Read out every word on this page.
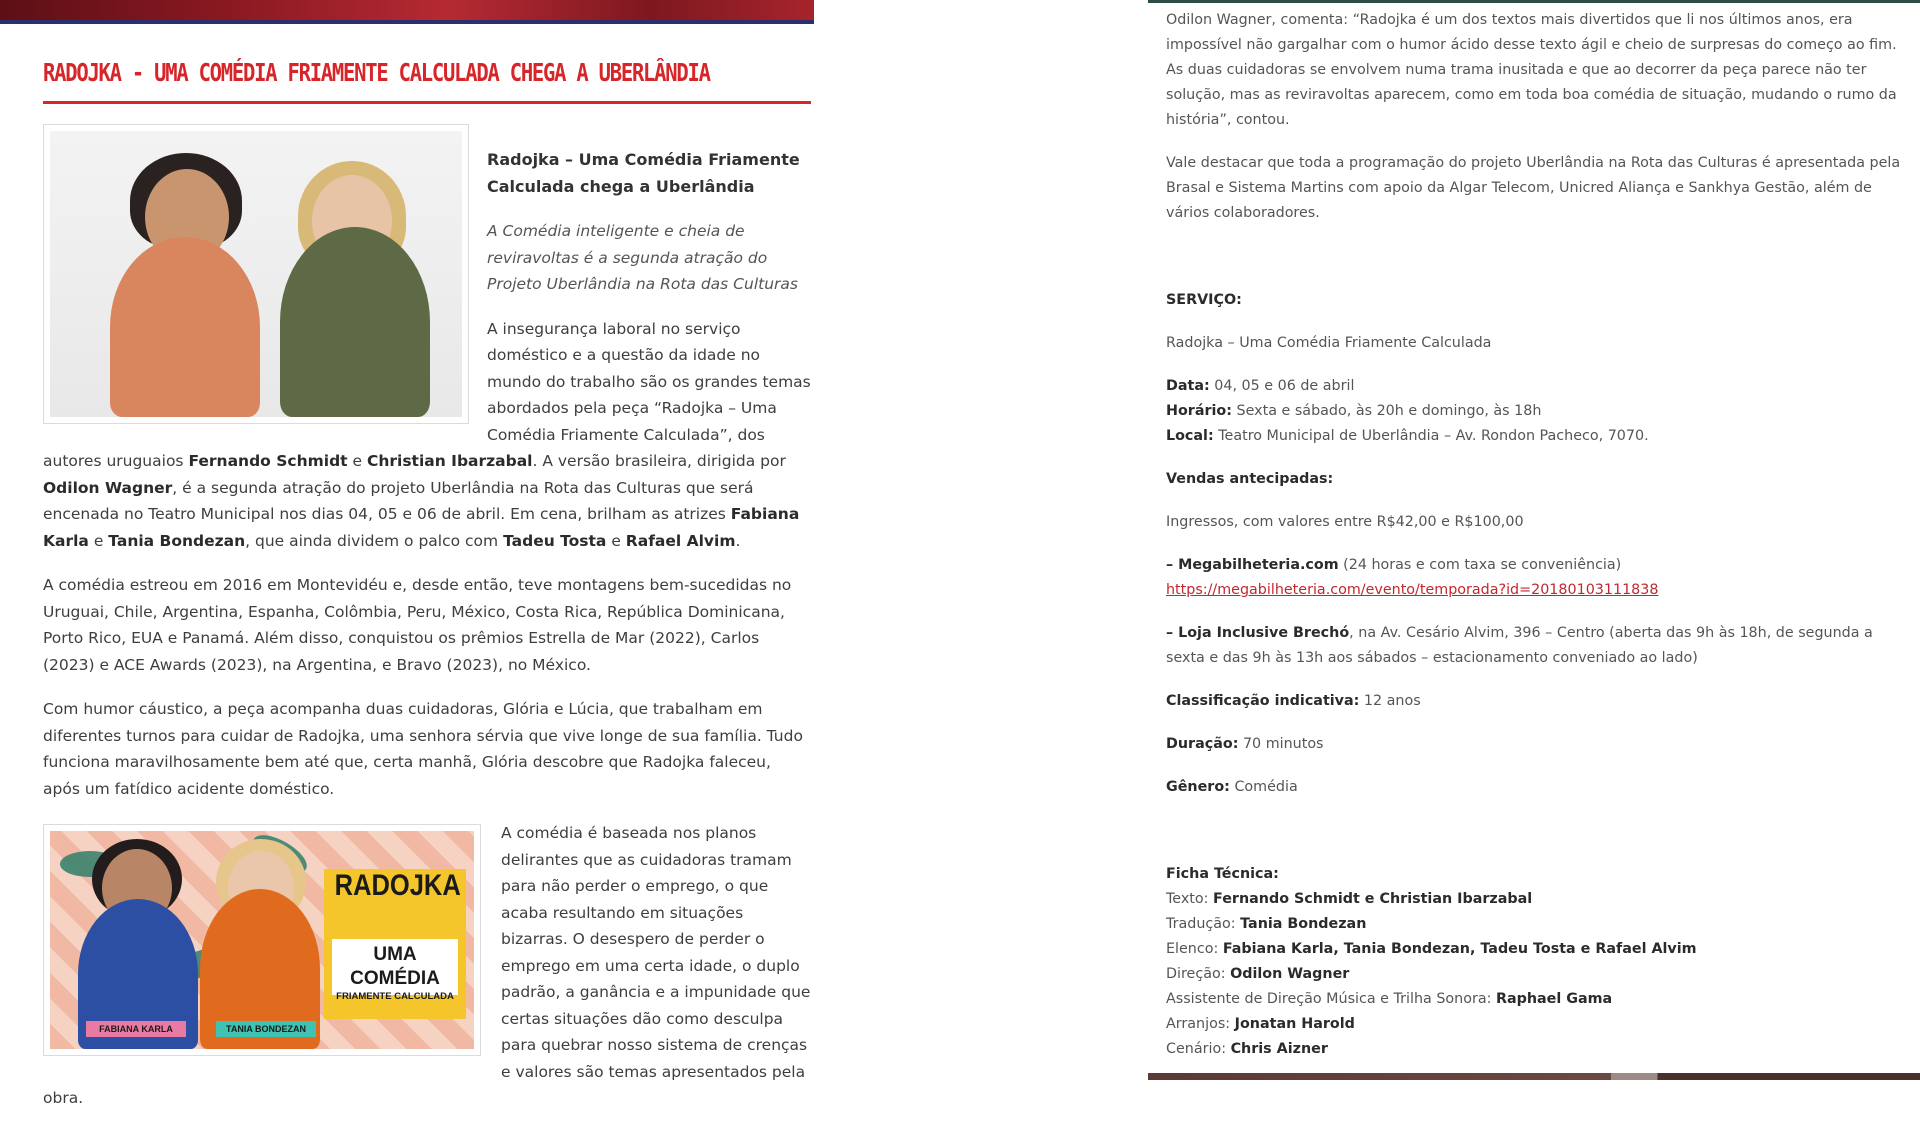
RADOJKA - UMA COMÉDIA FRIAMENTE CALCULADA CHEGA A UBERLÂNDIA

Radojka – Uma Comédia Friamente Calculada chega a Uberlândia

A Comédia inteligente e cheia de reviravoltas é a segunda atração do Projeto Uberlândia na Rota das Culturas

A insegurança laboral no serviço doméstico e a questão da idade no mundo do trabalho são os grandes temas abordados pela peça “Radojka – Uma Comédia Friamente Calculada”, dos autores uruguaios Fernando Schmidt e Christian Ibarzabal. A versão brasileira, dirigida por Odilon Wagner, é a segunda atração do projeto Uberlândia na Rota das Culturas que será encenada no Teatro Municipal nos dias 04, 05 e 06 de abril. Em cena, brilham as atrizes Fabiana Karla e Tania Bondezan, que ainda dividem o palco com Tadeu Tosta e Rafael Alvim.

A comédia estreou em 2016 em Montevidéu e, desde então, teve montagens bem-sucedidas no Uruguai, Chile, Argentina, Espanha, Colômbia, Peru, México, Costa Rica, República Dominicana, Porto Rico, EUA e Panamá. Além disso, conquistou os prêmios Estrella de Mar (2022), Carlos (2023) e ACE Awards (2023), na Argentina, e Bravo (2023), no México.

Com humor cáustico, a peça acompanha duas cuidadoras, Glória e Lúcia, que trabalham em diferentes turnos para cuidar de Radojka, uma senhora sérvia que vive longe de sua família. Tudo funciona maravilhosamente bem até que, certa manhã, Glória descobre que Radojka faleceu, após um fatídico acidente doméstico.

RADOJKA
UMA COMÉDIA
FRIAMENTE CALCULADA
FABIANA KARLA	TANIA BONDEZAN

A comédia é baseada nos planos delirantes que as cuidadoras tramam para não perder o emprego, o que acaba resultando em situações bizarras. O desespero de perder o emprego em uma certa idade, o duplo padrão, a ganância e a impunidade que certas situações dão como desculpa para quebrar nosso sistema de crenças e valores são temas apresentados pela obra.

Odilon Wagner, comenta: “Radojka é um dos textos mais divertidos que li nos últimos anos, era impossível não gargalhar com o humor ácido desse texto ágil e cheio de surpresas do começo ao fim. As duas cuidadoras se envolvem numa trama inusitada e que ao decorrer da peça parece não ter solução, mas as reviravoltas aparecem, como em toda boa comédia de situação, mudando o rumo da história”, contou.

Vale destacar que toda a programação do projeto Uberlândia na Rota das Culturas é apresentada pela Brasal e Sistema Martins com apoio da Algar Telecom, Unicred Aliança e Sankhya Gestão, além de vários colaboradores.

SERVIÇO:

Radojka – Uma Comédia Friamente Calculada

Data: 04, 05 e 06 de abril

Horário: Sexta e sábado, às 20h e domingo, às 18h

Local: Teatro Municipal de Uberlândia – Av. Rondon Pacheco, 7070.

Vendas antecipadas:

Ingressos, com valores entre R$42,00 e R$100,00

– Megabilheteria.com (24 horas e com taxa se conveniência)

https://megabilheteria.com/evento/temporada?id=20180103111838

– Loja Inclusive Brechó, na Av. Cesário Alvim, 396 – Centro (aberta das 9h às 18h, de segunda a sexta e das 9h às 13h aos sábados – estacionamento conveniado ao lado)

Classificação indicativa: 12 anos

Duração: 70 minutos

Gênero: Comédia

Ficha Técnica:

Texto: Fernando Schmidt e Christian Ibarzabal

Tradução: Tania Bondezan

Elenco: Fabiana Karla, Tania Bondezan, Tadeu Tosta e Rafael Alvim

Direção: Odilon Wagner

Assistente de Direção Música e Trilha Sonora: Raphael Gama

Arranjos: Jonatan Harold

Cenário: Chris Aizner
